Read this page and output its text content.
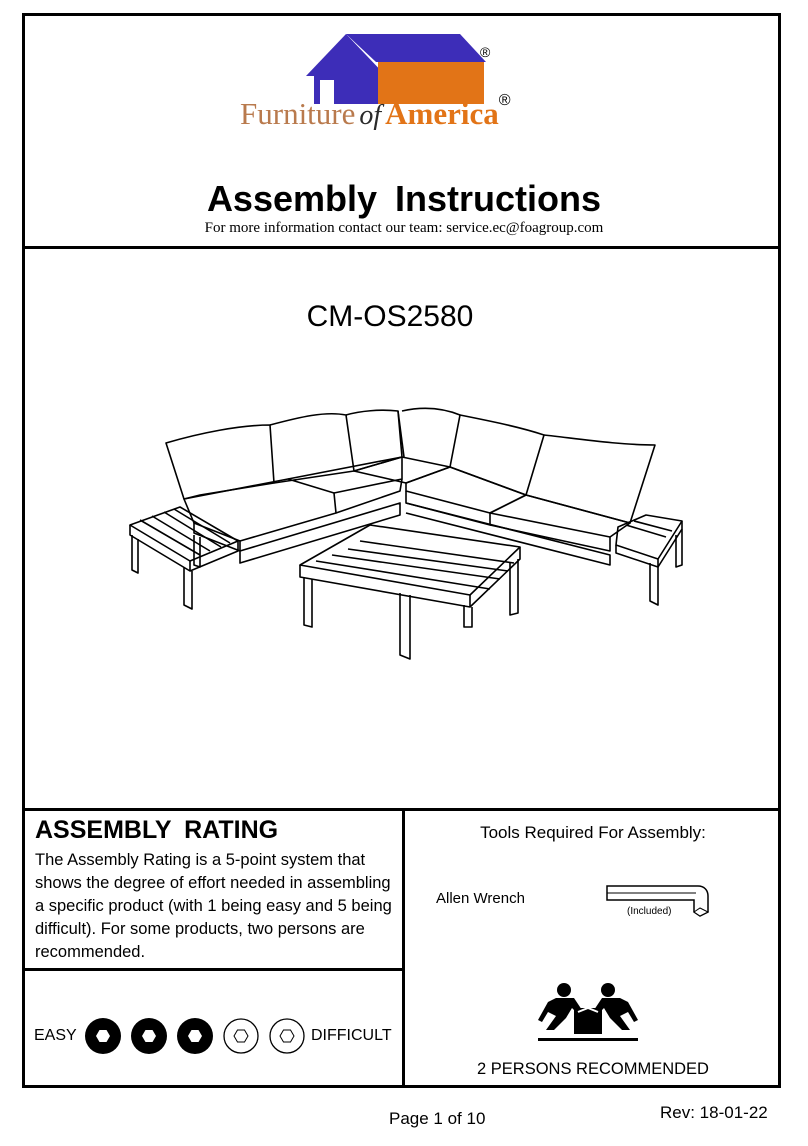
®
Furniture of America®
Assembly Instructions
For more information contact our team: service.ec@foagroup.com
CM-OS2580
ASSEMBLY RATING
The Assembly Rating is a 5-point system that shows the degree of effort needed in assembling a specific product (with 1 being easy and 5 being difficult). For some products, two persons are recommended.
EASY	DIFFICULT
Tools Required For Assembly:
Allen Wrench
(Included)
2 PERSONS RECOMMENDED
Page 1 of 10	Rev: 18-01-22
